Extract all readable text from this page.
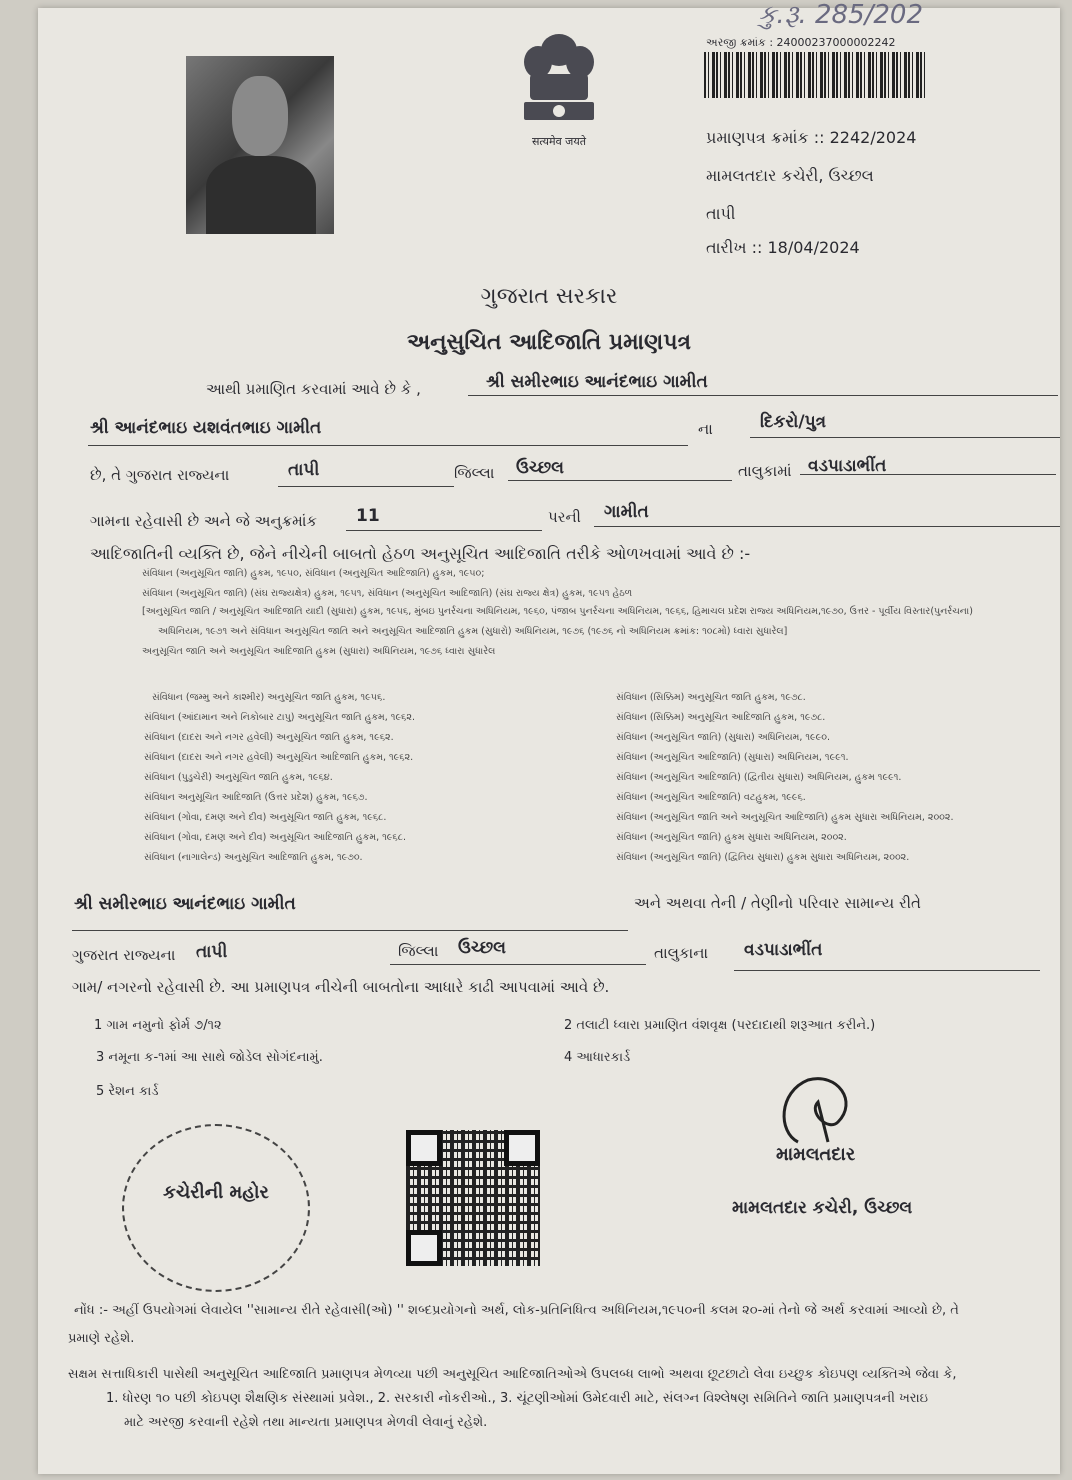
કુ.રૂ. 285/202
सत्यमेव जयते
અરજી ક્રમાંક : 24000237000002242
પ્રમાણપત્ર ક્રમાંક :: 2242/2024
મામલતદાર કચેરી, ઉચ્છલ
તાપી
તારીખ :: 18/04/2024
ગુજરાત સરકાર
અનુસુચિત આદિજાતિ પ્રમાણપત્ર
આથી પ્રમાણિત કરવામાં આવે છે કે ,	શ્રી સમીરભાઇ આનંદભાઇ ગામીત
શ્રી આનંદભાઇ યશવંતભાઇ ગામીત	ના	દિકરો/પુત્ર
છે, તે ગુજરાત રાજ્યના	તાપી	જિલ્લા ઉચ્છલ	તાલુકામાં વડપાડાભીંત
ગામના રહેવાસી છે અને જે અનુક્રમાંક 11	પરની ગામીત
આદિજાતિની વ્યક્તિ છે, જેને નીચેની બાબતો હેઠળ અનુસૂચિત આદિજાતિ તરીકે ઓળખવામાં આવે છે :-
સંવિધાન (અનુસૂચિત જાતિ) હુકમ, ૧૯૫૦, સંવિધાન (અનુસૂચિત આદિજાતિ) હુકમ, ૧૯૫૦;
સંવિધાન (અનુસૂચિત જાતિ) (સંઘ રાજ્યક્ષેત્ર) હુકમ, ૧૯૫૧, સંવિધાન (અનુસૂચિત આદિજાતિ) (સંઘ રાજ્ય ક્ષેત્ર) હુકમ, ૧૯૫૧ હેઠળ
[અનુસૂચિત જાતિ / અનુસૂચિત આદિજાતિ યાદી (સુધારા) હુકમ, ૧૯૫૬, મુંબઇ પુનર્રચના અધિનિયમ, ૧૯૬૦, પંજાબ પુનર્રચના અધિનિયમ, ૧૯૬૬, હિમાચલ પ્રદેશ રાજ્ય અધિનિયમ,૧૯૭૦, ઉત્તર - પૂર્વીય વિસ્તાર(પુનર્રચના)
અધિનિયમ, ૧૯૭૧ અને સંવિધાન અનુસૂચિત જાતિ અને અનુસૂચિત આદિજાતિ હુકમ (સુધારો) અધિનિયમ, ૧૯૭૬ (૧૯૭૬ નો અધિનિયમ ક્રમાંક: ૧૦૮મો) ધ્વારા સુધારેલ]
અનુસૂચિત જાતિ અને અનુસૂચિત આદિજાતિ હુકમ (સુધારા) અધિનિયમ, ૧૯૭૬ ધ્વારા સુધારેલ
સંવિધાન (જમ્મુ અને કાશ્મીર) અનુસૂચિત જાતિ હુકમ, ૧૯૫૬.
સંવિધાન (આંદામાન અને નિકોબાર ટાપુ) અનુસૂચિત જાતિ હુકમ, ૧૯૬૨.
સંવિધાન (દાદરા અને નગર હવેલી) અનુસૂચિત જાતિ હુકમ, ૧૯૬૨.
સંવિધાન (દાદરા અને નગર હવેલી) અનુસૂચિત આદિજાતિ હુકમ, ૧૯૬૨.
સંવિધાન (પુડુચેરી) અનુસૂચિત જાતિ હુકમ, ૧૯૬૪.
સંવિધાન અનુસૂચિત આદિજાતિ (ઉત્તર પ્રદેશ) હુકમ, ૧૯૬૭.
સંવિધાન (ગોવા, દમણ અને દીવ) અનુસૂચિત જાતિ હુકમ, ૧૯૬૮.
સંવિધાન (ગોવા, દમણ અને દીવ) અનુસૂચિત આદિજાતિ હુકમ, ૧૯૬૮.
સંવિધાન (નાગાલેન્ડ) અનુસૂચિત આદિજાતિ હુકમ, ૧૯૭૦.
સંવિધાન (સિક્કિમ) અનુસૂચિત જાતિ હુકમ, ૧૯૭૮.
સંવિધાન (સિક્કિમ) અનુસૂચિત આદિજાતિ હુકમ, ૧૯૭૮.
સંવિધાન (અનુસૂચિત જાતિ) (સુધારા) અધિનિયમ, ૧૯૯૦.
સંવિધાન (અનુસૂચિત આદિજાતિ) (સુધારા) અધિનિયમ, ૧૯૯૧.
સંવિધાન (અનુસૂચિત આદિજાતિ) (દ્વિતીય સુધારા) અધિનિયમ, હુકમ ૧૯૯૧.
સંવિધાન (અનુસૂચિત આદિજાતિ) વટહુકમ, ૧૯૯૬.
સંવિધાન (અનુસૂચિત જાતિ અને અનુસૂચિત આદિજાતિ) હુકમ સુધારા અધિનિયમ, ૨૦૦૨.
સંવિધાન (અનુસૂચિત જાતિ) હુકમ સુધારા અધિનિયમ, ૨૦૦૨.
સંવિધાન (અનુસૂચિત જાતિ) (દ્વિતિય સુધારા) હુકમ સુધારા અધિનિયમ, ૨૦૦૨.
શ્રી સમીરભાઇ આનંદભાઇ ગામીત	અને અથવા તેની / તેણીનો પરિવાર સામાન્ય રીતે
ગુજરાત રાજ્યના તાપી	જિલ્લા ઉચ્છલ	તાલુકાના વડપાડાભીંત
ગામ/ નગરનો રહેવાસી છે. આ પ્રમાણપત્ર નીચેની બાબતોના આધારે કાઢી આપવામાં આવે છે.
1 ગામ નમુનો ફોર્મ ૭/૧૨	2 તલાટી ધ્વારા પ્રમાણિત વંશવૃક્ષ (પરદાદાથી શરૂઆત કરીને.)
3 નમૂના ક-૧માં આ સાથે જોડેલ સોગંદનામું.	4 આધારકાર્ડ
5 રેશન કાર્ડ
કચેરીની મહોર
મામલતદાર
મામલતદાર કચેરી, ઉચ્છલ
નોંધ :- અહીં ઉપયોગમાં લેવાયેલ ''સામાન્ય રીતે રહેવાસી(ઓ) '' શબ્દપ્રયોગનો અર્થ, લોક-પ્રતિનિધિત્વ અધિનિયમ,૧૯૫૦ની કલમ ૨૦-માં તેનો જે અર્થ કરવામાં આવ્યો છે, તે
પ્રમાણે રહેશે.
સક્ષમ સત્તાધિકારી પાસેથી અનુસૂચિત આદિજાતિ પ્રમાણપત્ર મેળવ્યા પછી અનુસૂચિત આદિજાતિઓએ ઉપલબ્ધ લાભો અથવા છૂટછાટો લેવા ઇચ્છુક કોઇપણ વ્યક્તિએ જેવા કે,
1. ધોરણ ૧૦ પછી કોઇપણ શૈક્ષણિક સંસ્થામાં પ્રવેશ., 2. સરકારી નોકરીઓ., 3. ચૂંટણીઓમાં ઉમેદવારી માટે, સંલગ્ન વિશ્લેષણ સમિતિને જાતિ પ્રમાણપત્રની ખરાઇ
માટે અરજી કરવાની રહેશે તથા માન્યતા પ્રમાણપત્ર મેળવી લેવાનું રહેશે.
